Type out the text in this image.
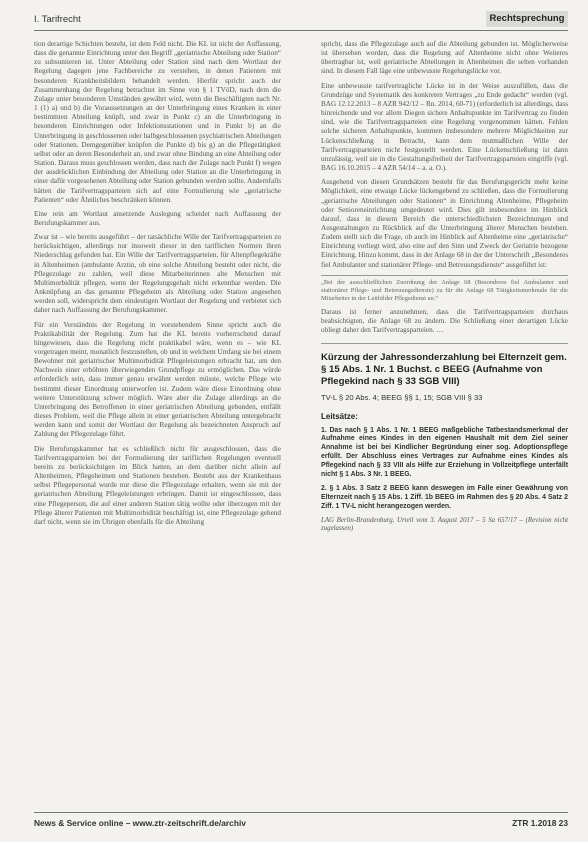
I. Tarifrecht	Rechtsprechung

tion derartige Schichten besteht, ist dem Feld nicht. Die KL ist nicht der Auffassung, dass die genannte Einrichtung unter den Begriff „geriatrische Abteilung oder Station“ zu subsumieren ist. Unter Abteilung oder Station sind nach dem Wortlaut der Regelung dagegen jene Fachbereiche zu verstehen, in denen Patienten mit besonderen Krankheitsbildern behandelt werden. Hierfür spricht auch der Zusammenhang der Regelung betrachtet im Sinne von § 1 TVöD, nach dem die Zulage unter besonderen Umständen gewährt wird, wenn die Beschäftigten nach Nr. 1 (1) a) und b) die Voraussetzungen an der Unterbringung eines Kranken in einer bestimmten Abteilung knüpft, und zwar in Punkt c) an die Unterbringung in besonderen Einrichtungen oder Infektionsstationen und in Punkt b) an die Unterbringung in geschlossenen oder halbgeschlossenen psychiatrischen Abteilungen oder Stationen. Demgegenüber knüpfen die Punkte d) bis g) an die Pflegetätigkeit selbst oder an deren Besonderheit an, und zwar ohne Bindung an eine Abteilung oder Station. Daraus muss geschlossen werden, dass nach der Zulage nach Punkt f) wegen der ausdrücklichen Einbindung der Abteilung oder Station an die Unterbringung in einer dafür vorgesehenen Abteilung oder Station gebunden werden sollte. Andernfalls hätten die Tarifvertragsparteien sich auf eine Formulierung wie „geriatrische Patienten“ oder Ähnliches beschränken können.

Eine rein am Wortlaut ansetzende Auslegung scheidet nach Auffassung der Berufungskammer aus.

Zwar ist – wie bereits ausgeführt – der tatsächliche Wille der Tarifvertragsparteien zu berücksichtigen, allerdings nur insoweit dieser in den tariflichen Normen ihren Niederschlag gefunden hat. Ein Wille der Tarifvertragsparteien, für Altenpflegekräfte in Altenheimen (ambulante Arztin, ob eine solche Abteilung besteht oder nicht, die Pflegezulage zu zahlen, weil diese Mitarbeiterinnen alte Menschen mit Multimorbidität pflegen, wenn der Regelungsgehalt nicht erkennbar werden. Die Anknüpfung an das genannte Pflegeheim als Abteilung oder Station angesehen werden soll, widerspricht dem eindeutigen Wortlaut der Regelung und verbietet sich daher nach Auffassung der Berufungskammer.

Für ein Verständnis der Regelung in vorstehendem Sinne spricht auch die Praktikabilität der Regelung. Zum hat die KL bereits vorherrschend darauf hingewiesen, dass die Regelung nicht praktikabel wäre, wenn es – wie KL vorgetragen meint, monatlich festzustellen, ob und in welchem Umfang sie bei einem Bewohner mit geriatrischer Multimorbidität Pflegeleistungen erbracht hat, um den Nachweis einer erhöhten überwiegenden Grundpflege zu ermöglichen. Das würde erforderlich sein, dass immer genau erwähnt werden müsste, welche Pflege wie bestimmt dieser Einordnung unterworfen ist. Zudem wäre diese Einordnung ohne weitere Unterstützung schwer möglich. Wäre aber die Zulage allerdings an die Unterbringung des Betroffenen in einer geriatrischen Abteilung gebunden, entfällt dieses Problem, weil die Pflege allein in einer geriatrischen Abteilung untergebracht werden kann und somit der Wortlaut der Regelung als bezeichneten Anspruch auf Zahlung der Pflegezulage führt.

Die Berufungskammer hat es schließlich nicht für ausgeschlossen, dass die Tarifvertragsparteien bei der Formulierung der tariflichen Regelungen eventuell bereits zu berücksichtigen im Blick hatten, an dem darüber nicht allein auf Altenheimen, Pflegeheimen und Stationen bestehen. Besteht aus der Krankenhaus selbst Pflegepersonal wurde nur diese die Pflegezulage erhalten, wenn sie mit der geriatrischen Abteilung Pflegeleistungen erbringen. Damit ist eingeschlossen, dass eine Pflegeperson, die auf einer anderen Station tätig wollte oder überzogen mit der Pflege älterer Patienten mit Multimorbidität beschäftigt ist, eine Pflegezulage gehend darf nicht, wenn sie im Übrigen ebenfalls für die Abteilung

spricht, dass die Pflegezulage auch auf die Abteilung gebunden ist. Möglicherweise ist übersehen worden, dass die Regelung auf Altenheime nicht ohne Weiteres übertragbar ist, weil geriatrische Abteilungen in Altenheimen die selten vorhanden sind. In diesem Fall läge eine unbewusste Regelungslücke vor.

Eine unbewusste tarifvertragliche Lücke ist in der Weise auszufüllen, dass die Grundzüge und Systematik des konkreten Vertrages „zu Ende gedacht“ werden (vgl. BAG 12.12.2013 – 8 AZR 942/12 – Rn. 2014, 60-71) (erforderlich ist allerdings, dass hinreichende und vor allem Diegen sichere Anhaltspunkte im Tarifvertrag zu finden sind, wie die Tarifvertragsparteien eine Regelung vorgenommen hätten. Fehlen solche sicheren Anhaltspunkte, kommen insbesondere mehrere Möglichkeiten zur Lückenschließung in Betracht, kann dem mutmaßlichen Wille der Tarifvertragsparteien nicht festgestellt werden. Eine Lückenschließung ist dann unzulässig, weil sie in die Gestaltungsfreiheit der Tarifvertragsparteien eingriffe (vgl. BAG 16.10.2015 – 4 AZR 54/14 – a. a. O.).

Ausgehend von diesen Grundsätzen besteht für das Berufungsgericht mehr keine Möglichkeit, eine etwaige Lücke lückengebend zu schließen, dass die Formulierung „geriatrische Abteilungen oder Stationen“ in Einrichtung Altenheime, Pflegeheim oder Senioreneinrichtung umgedeutet wird. Dies gilt insbesondere im Hinblick darauf, dass in diesem Bereich die unterschiedlichsten Bezeichnungen und Ausgestaltungen zu Rückblick auf die Unterbringung älterer Menschen bestehen. Zudem stellt sich die Frage, ob auch im Hinblick auf Altenheime eine „geriatrische“ Einrichtung vorliegt wird, also eine auf den Sinn und Zweck der Geriatrie bezogene Einrichtung. Hinzu kommt, dass in der Anlage 68 in der der Unterschrift „Besonderes fiel Ambulanter und stationärer Pflege- und Betreuungsdienste“ ausgeführt ist:

„Bei der ausschließlichen Zuordnung der Anlage 68 (Besonderes fiel Ambulanter und stationärer Pflege- und Betreuungsdienste) zu für die Anlage 68 Tätigkeitsmerkmale für die Mitarbeiter in der Leitbilder Pflegedienst an.“

Daraus ist ferner anzunehmen, dass die Tarifvertragsparteien durchaus beabsichtigten, die Anlage 68 zu ändern. Die Schließung einer derartigen Lücke obliegt daher den Tarifvertragsparteien. …

Kürzung der Jahressonderzahlung bei Elternzeit gem. § 15 Abs. 1 Nr. 1 Buchst. c BEEG (Aufnahme von Pflegekind nach § 33 SGB VIII)
TV-L § 20 Abs. 4; BEEG §§ 1, 15; SGB VIII § 33
Leitsätze:

1. Das nach § 1 Abs. 1 Nr. 1 BEEG maßgebliche Tatbestandsmerkmal der Aufnahme eines Kindes in den eigenen Haushalt mit dem Ziel seiner Annahme ist bei bei Kindlicher Begründung einer sog. Adoptionspflege erfüllt. Der Abschluss eines Vertrages zur Aufnahme eines Kindes als Pflegekind nach § 33 VIII als Hilfe zur Erziehung in Vollzeitpflege unterfällt nicht § 1 Abs. 3 Nr. 1 BEEG.

2. § 1 Abs. 3 Satz 2 BEEG kann deswegen im Falle einer Gewährung von Elternzeit nach § 15 Abs. 1 Ziff. 1b BEEG im Rahmen des § 20 Abs. 4 Satz 2 Ziff. 1 TV-L nicht herangezogen werden.

LAG Berlin-Brandenburg, Urteil vom 3. August 2017 – 5 Sa 657/17 – (Revision nicht zugelassen)

News & Service online – www.ztr-zeitschrift.de/archiv	ZTR 1.2018 23
